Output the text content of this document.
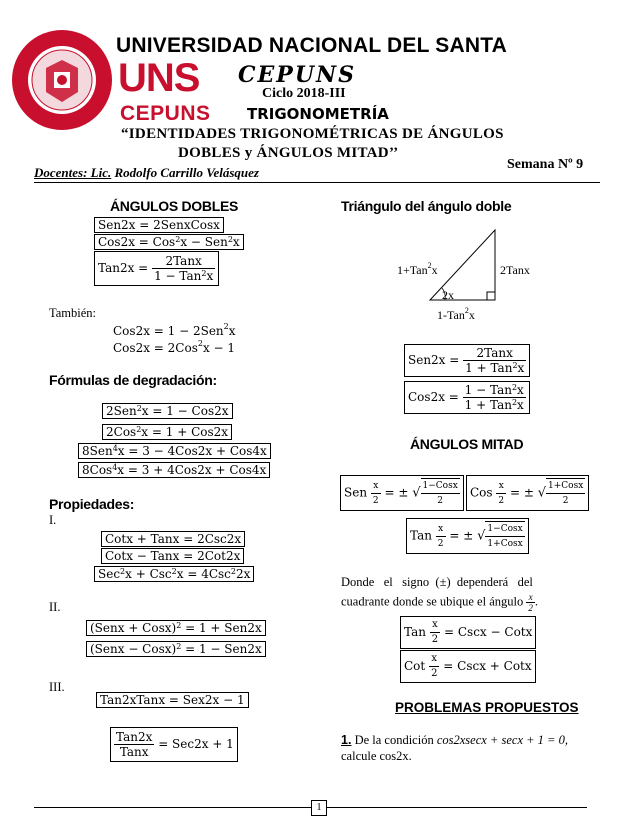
UNIVERSIDAD NACIONAL DEL SANTA
UNS
CEPUNS
CEPUNS
Ciclo 2018-III
TRIGONOMETRÍA
“IDENTIDADES TRIGONOMÉTRICAS DE ÁNGULOS
DOBLES y ÁNGULOS MITAD’’
Docentes: Lic. Rodolfo Carrillo Velásquez
Semana Nº 9
ÁNGULOS DOBLES
Sen2x = 2SenxCosx
Cos2x = Cos$^2$x − Sen$^2$x
$Tan2x = \frac{\text{2Tanx}}{1 - Tan^2x}$
También:
Cos2x = 1 − 2Sen$^2$x
Cos2x = 2Cos$^2$x − 1
Fórmulas de degradación:
2Sen$^2$x = 1 − Cos2x
2Cos$^2$x = 1 + Cos2x
8Sen$^4$x = 3 − 4Cos2x + Cos4x
8Cos$^4$x = 3 + 4Cos2x + Cos4x
Propiedades:
I.
Cotx + Tanx = 2Csc2x
Cotx − Tanx = 2Cot2x
Sec$^2$x + Csc$^2$x = 4Csc$^2$2x
II.
(Senx + Cosx)$^2$ = 1 + Sen2x
(Senx − Cosx)$^2$ = 1 − Sen2x
III.
Tan2xTanx = Sex2x − 1
$\frac{\text{Tan2x}}{\text{Tanx}} = Sec2x + 1$
Triángulo del ángulo doble
1+Tan$^2$x	2Tanx
2x
1-Tan$^2$x
$Sen2x = \frac{\text{2Tanx}}{1 + Tan^2x}$
$Cos2x = \frac{1 - Tan^2x}{1 + Tan^2x}$
ÁNGULOS MITAD
Sen $\frac{x}{2}$ = ± √ $\frac{\text{1−Cosx}}{2}$ Cos $\frac{x}{2}$ = ± √ $\frac{\text{1+Cosx}}{2}$
Tan $\frac{x}{2}$ = ± √ $\frac{\text{1−Cosx}}{\text{1+Cosx}}$
Donde   el   signo  (±)  dependerá   del
cuadrante donde se ubique el ángulo $\frac{x}{2}$ .
Tan $\frac{x}{2}$ = Cscx − Cotx
Cot $\frac{x}{2}$ = Cscx + Cotx
PROBLEMAS PROPUESTOS
1. De la condición cos2xsecx + secx + 1 = 0,
calcule cos2x.
1
